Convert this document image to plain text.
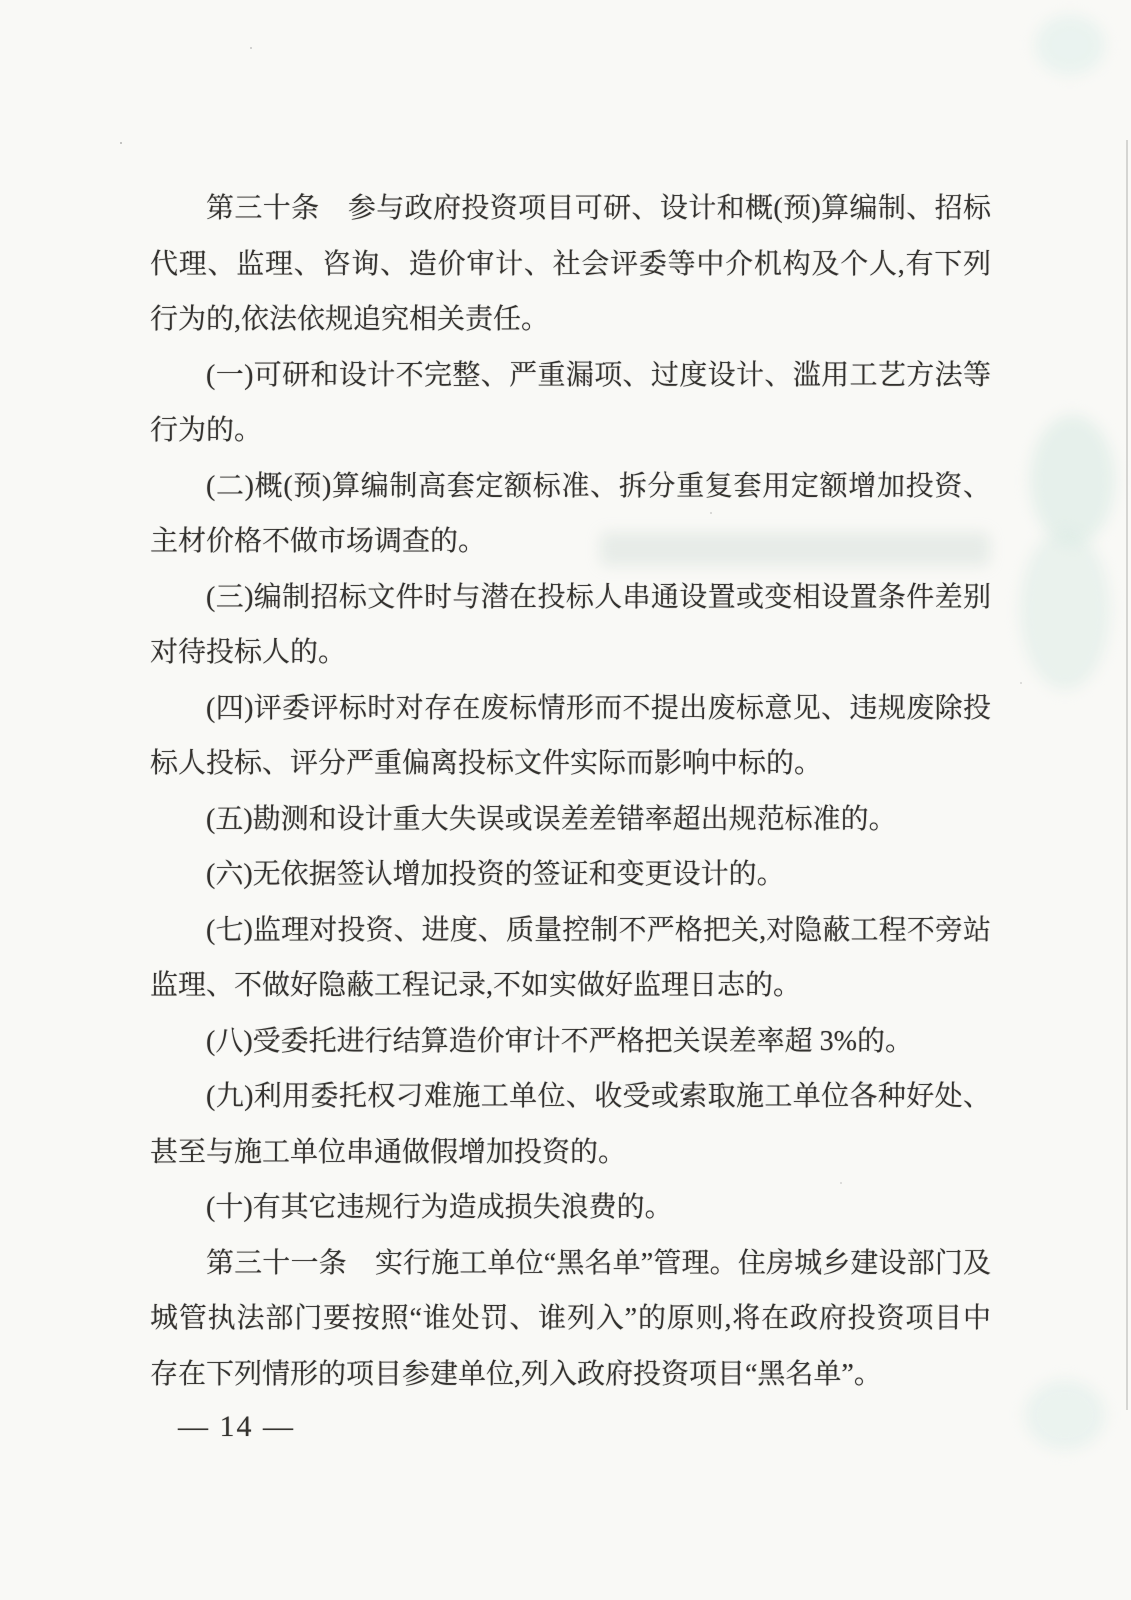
第三十条　参与政府投资项目可研、设计和概(预)算编制、招标代理、监理、咨询、造价审计、社会评委等中介机构及个人,有下列行为的,依法依规追究相关责任。

(一)可研和设计不完整、严重漏项、过度设计、滥用工艺方法等行为的。

(二)概(预)算编制高套定额标准、拆分重复套用定额增加投资、主材价格不做市场调查的。

(三)编制招标文件时与潜在投标人串通设置或变相设置条件差别对待投标人的。

(四)评委评标时对存在废标情形而不提出废标意见、违规废除投标人投标、评分严重偏离投标文件实际而影响中标的。

(五)勘测和设计重大失误或误差差错率超出规范标准的。

(六)无依据签认增加投资的签证和变更设计的。

(七)监理对投资、进度、质量控制不严格把关,对隐蔽工程不旁站监理、不做好隐蔽工程记录,不如实做好监理日志的。

(八)受委托进行结算造价审计不严格把关误差率超 3%的。

(九)利用委托权刁难施工单位、收受或索取施工单位各种好处、甚至与施工单位串通做假增加投资的。

(十)有其它违规行为造成损失浪费的。

第三十一条　实行施工单位“黑名单”管理。住房城乡建设部门及城管执法部门要按照“谁处罚、谁列入”的原则,将在政府投资项目中存在下列情形的项目参建单位,列入政府投资项目“黑名单”。

— 14 —
